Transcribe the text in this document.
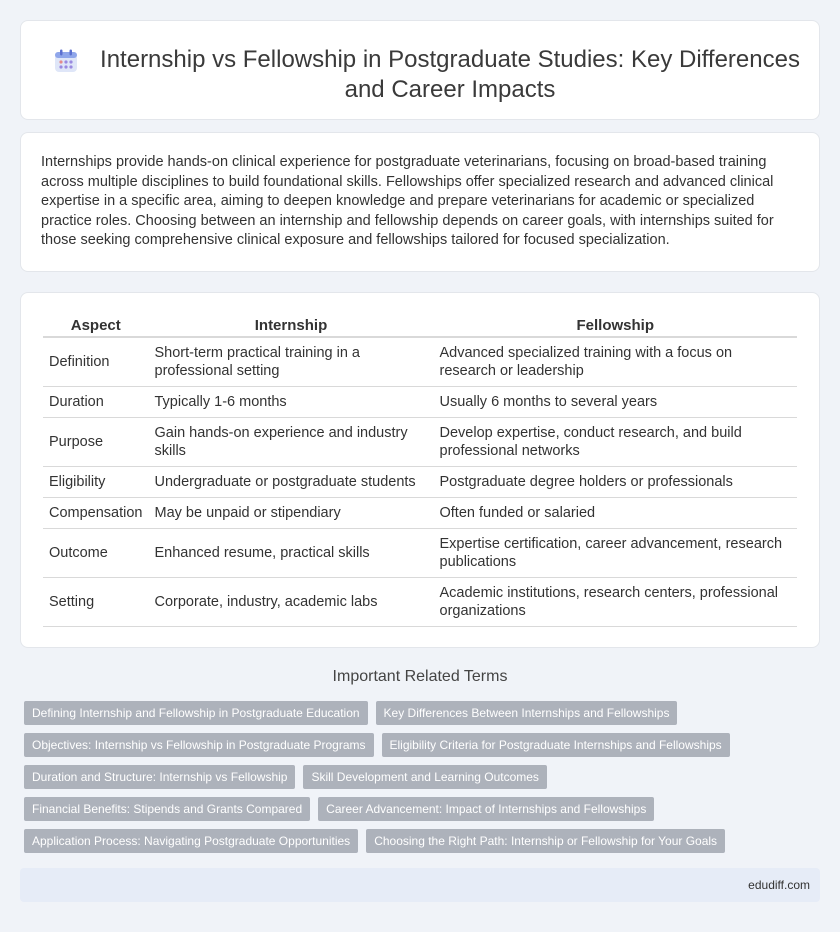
Internship vs Fellowship in Postgraduate Studies: Key Differences and Career Impacts

Internships provide hands-on clinical experience for postgraduate veterinarians, focusing on broad-based training across multiple disciplines to build foundational skills. Fellowships offer specialized research and advanced clinical expertise in a specific area, aiming to deepen knowledge and prepare veterinarians for academic or specialized practice roles. Choosing between an internship and fellowship depends on career goals, with internships suited for those seeking comprehensive clinical exposure and fellowships tailored for focused specialization.

Aspect	Internship	Fellowship
Definition	Short-term practical training in a professional setting	Advanced specialized training with a focus on research or leadership
Duration	Typically 1-6 months	Usually 6 months to several years
Purpose	Gain hands-on experience and industry skills	Develop expertise, conduct research, and build professional networks
Eligibility	Undergraduate or postgraduate students	Postgraduate degree holders or professionals
Compensation	May be unpaid or stipendiary	Often funded or salaried
Outcome	Enhanced resume, practical skills	Expertise certification, career advancement, research publications
Setting	Corporate, industry, academic labs	Academic institutions, research centers, professional organizations
Important Related Terms
Defining Internship and Fellowship in Postgraduate Education	Key Differences Between Internships and Fellowships
Objectives: Internship vs Fellowship in Postgraduate Programs	Eligibility Criteria for Postgraduate Internships and Fellowships
Duration and Structure: Internship vs Fellowship	Skill Development and Learning Outcomes
Financial Benefits: Stipends and Grants Compared	Career Advancement: Impact of Internships and Fellowships
Application Process: Navigating Postgraduate Opportunities	Choosing the Right Path: Internship or Fellowship for Your Goals
edudiff.com
